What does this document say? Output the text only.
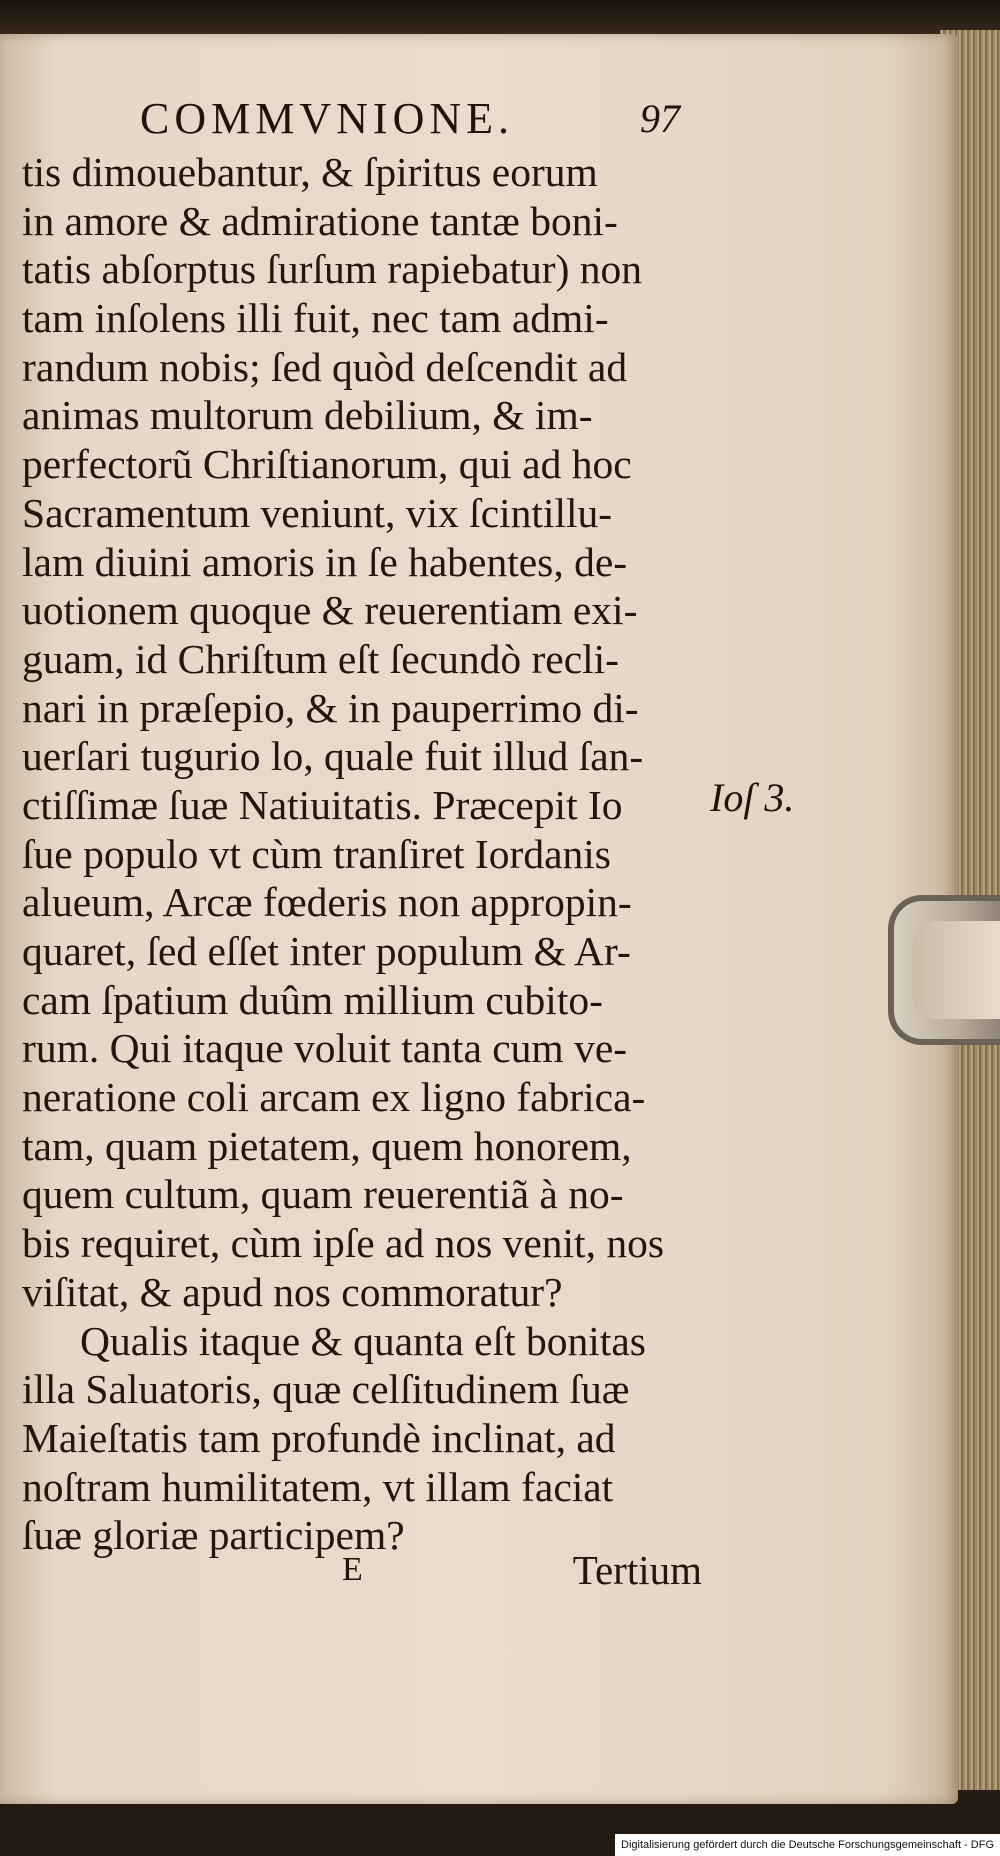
COMMVNIONE.	97
tis dimouebantur, & ſpiritus eorum
in amore & admiratione tantæ boni-
tatis abſorptus ſurſum rapiebatur) non
tam inſolens illi fuit, nec tam admi-
randum nobis; ſed quòd deſcendit ad
animas multorum debilium, & im-
perfectorũ Chriſtianorum, qui ad hoc
Sacramentum veniunt, vix ſcintillu-
lam diuini amoris in ſe habentes, de-
uotionem quoque & reuerentiam exi-
guam, id Chriſtum eſt ſecundò recli-
nari in præſepio, & in pauperrimo di-
uerſari tugurio lo, quale fuit illud ſan-
ctiſſimæ ſuæ Natiuitatis. Præcepit Io
ſue populo vt cùm tranſiret Iordanis
alueum, Arcæ fœderis non appropin-
quaret, ſed eſſet inter populum & Ar-
cam ſpatium duûm millium cubito-
rum. Qui itaque voluit tanta cum ve-
neratione coli arcam ex ligno fabrica-
tam, quam pietatem, quem honorem,
quem cultum, quam reuerentiã à no-
bis requiret, cùm ipſe ad nos venit, nos
viſitat, & apud nos commoratur?
Qualis itaque & quanta eſt bonitas
illa Saluatoris, quæ celſitudinem ſuæ
Maieſtatis tam profundè inclinat, ad
noſtram humilitatem, vt illam faciat
ſuæ gloriæ participem?
Ioſ 3.
E	Tertium
Digitalisierung gefördert durch die Deutsche Forschungsgemeinschaft - DFG
